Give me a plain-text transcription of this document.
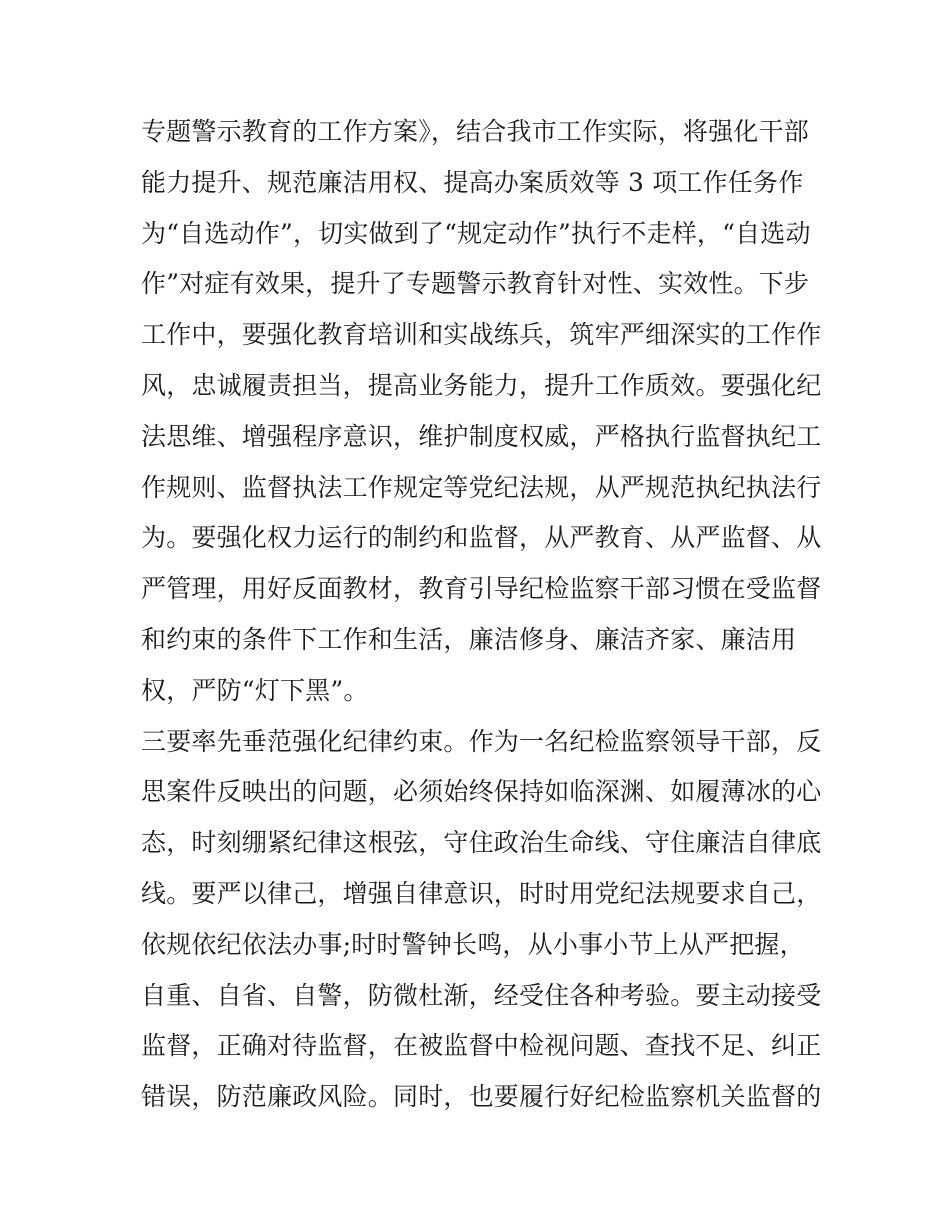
专题警示教育的工作方案》，结合我市工作实际，将强化干部
能力提升、规范廉洁用权、提高办案质效等 3 项工作任务作
为“自选动作”，切实做到了“规定动作”执行不走样，“自选动
作”对症有效果，提升了专题警示教育针对性、实效性。下步
工作中，要强化教育培训和实战练兵，筑牢严细深实的工作作
风，忠诚履责担当，提高业务能力，提升工作质效。要强化纪
法思维、增强程序意识，维护制度权威，严格执行监督执纪工
作规则、监督执法工作规定等党纪法规，从严规范执纪执法行
为。要强化权力运行的制约和监督，从严教育、从严监督、从
严管理，用好反面教材，教育引导纪检监察干部习惯在受监督
和约束的条件下工作和生活，廉洁修身、廉洁齐家、廉洁用
权，严防“灯下黑”。
三要率先垂范强化纪律约束。作为一名纪检监察领导干部，反
思案件反映出的问题，必须始终保持如临深渊、如履薄冰的心
态，时刻绷紧纪律这根弦，守住政治生命线、守住廉洁自律底
线。要严以律己，增强自律意识，时时用党纪法规要求自己，
依规依纪依法办事;时时警钟长鸣，从小事小节上从严把握，
自重、自省、自警，防微杜渐，经受住各种考验。要主动接受
监督，正确对待监督，在被监督中检视问题、查找不足、纠正
错误，防范廉政风险。同时，也要履行好纪检监察机关监督的
